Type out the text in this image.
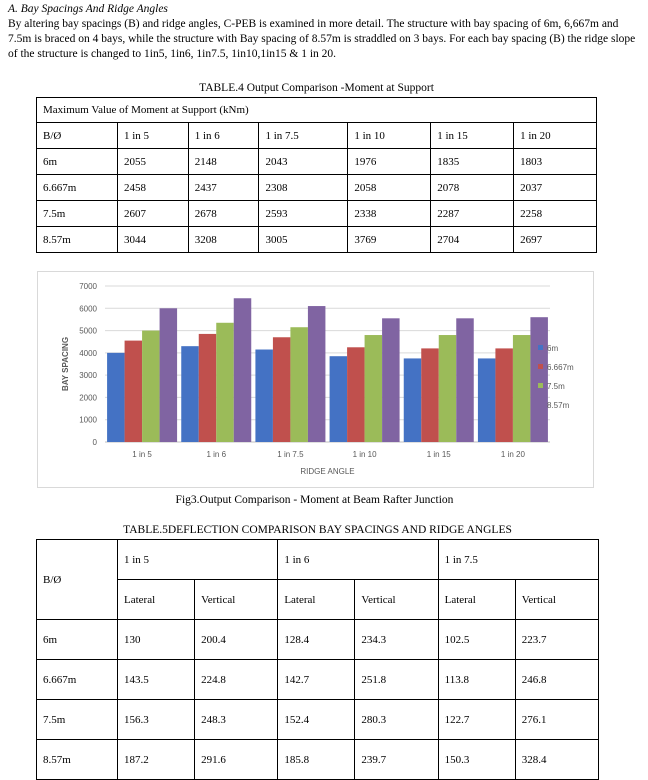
A. Bay Spacings And Ridge Angles
By altering bay spacings (B) and ridge angles, C-PEB is examined in more detail. The structure with bay spacing of 6m, 6,667m and 7.5m is braced on 4 bays, while the structure with Bay spacing of 8.57m is straddled on 3 bays. For each bay spacing (B) the ridge slope of the structure is changed to 1in5, 1in6, 1in7.5, 1in10,1in15 & 1 in 20.
TABLE.4 Output Comparison -Moment at Support
Maximum Value of Moment at Support (kNm)						
B/Ø	1 in 5	1 in 6	1 in 7.5	1 in 10	1 in 15	1 in 20
6m	2055	2148	2043	1976	1835	1803
6.667m	2458	2437	2308	2058	2078	2037
7.5m	2607	2678	2593	2338	2287	2258
8.57m	3044	3208	3005	3769	2704	2697
0
1000
2000
3000
4000
5000
6000
7000
1 in 5	1 in 6	1 in 7.5	1 in 10	1 in 15	1 in 20
RIDGE ANGLE
BAY SPACING	6m
6.667m
7.5m
8.57m
Fig3.Output Comparison - Moment at Beam Rafter Junction
TABLE.5DEFLECTION COMPARISON BAY SPACINGS AND RIDGE ANGLES
B/Ø	1 in 5		1 in 6		1 in 7.5	
	Lateral	Vertical	Lateral	Vertical	Lateral	Vertical
6m	130	200.4	128.4	234.3	102.5	223.7
6.667m	143.5	224.8	142.7	251.8	113.8	246.8
7.5m	156.3	248.3	152.4	280.3	122.7	276.1
8.57m	187.2	291.6	185.8	239.7	150.3	328.4
